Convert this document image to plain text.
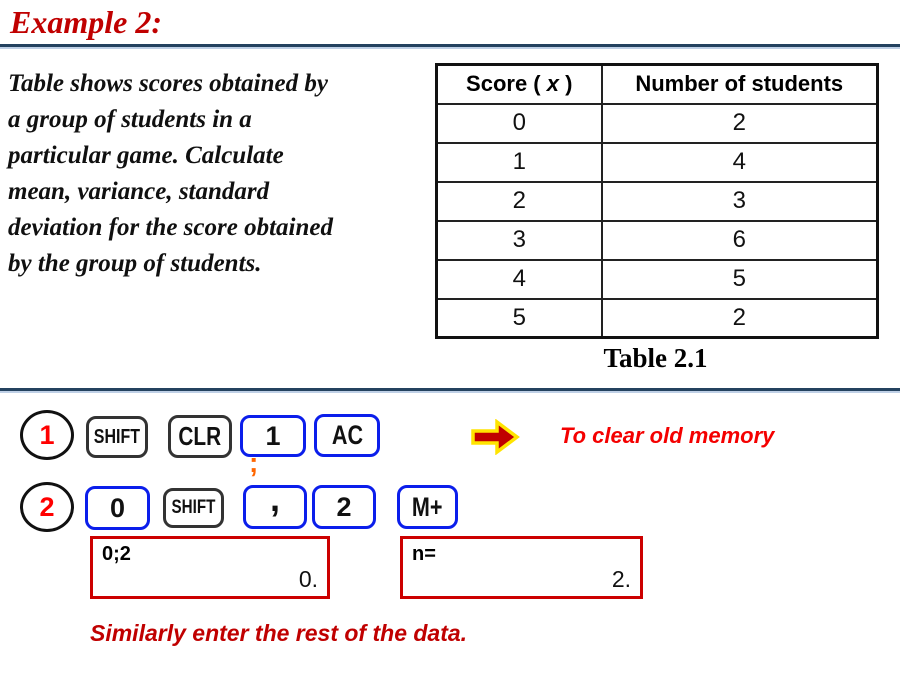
Example 2:
Table shows scores obtained by
a group of students in a
particular game. Calculate
mean, variance, standard
deviation for the score obtained
by the group of students.
Score ( x )	Number of students
0	2
1	4
2	3
3	6
4	5
5	2
Table 2.1
1 SHIFT CLR 1 AC	To clear old memory
;
2 0 SHIFT , 2 M+
0;2
0.
n=
2.
Similarly enter the rest of the data.
